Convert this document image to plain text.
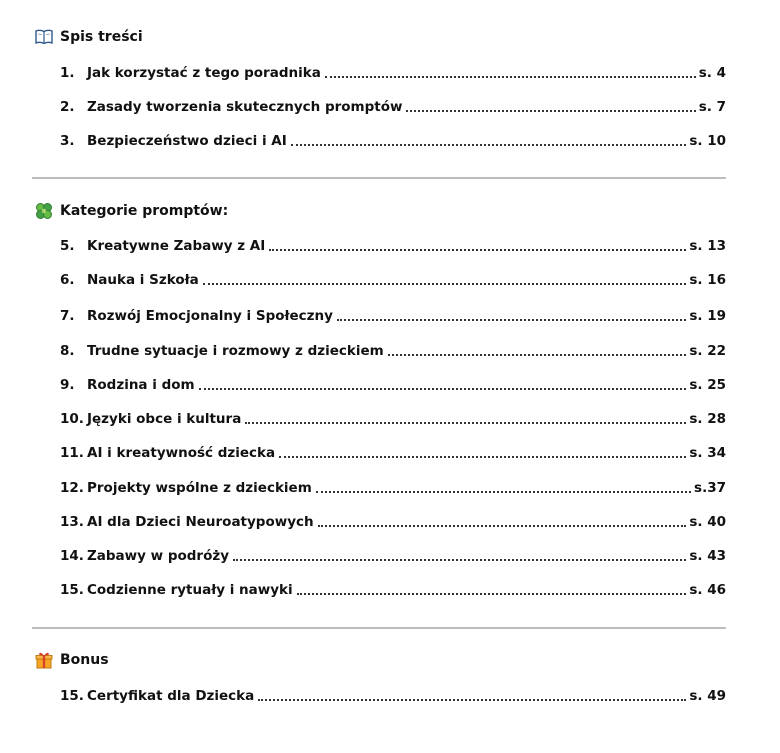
Spis treści
1. Jak korzystać z tego poradnika	s. 4
2. Zasady tworzenia skutecznych promptów	s. 7
3. Bezpieczeństwo dzieci i AI	s. 10
Kategorie promptów:
5. Kreatywne Zabawy z AI	s. 13
6. Nauka i Szkoła	s. 16
7. Rozwój Emocjonalny i Społeczny	s. 19
8. Trudne sytuacje i rozmowy z dzieckiem	s. 22
9. Rodzina i dom	s. 25
10. Języki obce i kultura	s. 28
11. AI i kreatywność dziecka	s. 34
12. Projekty wspólne z dzieckiem	s.37
13. AI dla Dzieci Neuroatypowych	s. 40
14. Zabawy w podróży	s. 43
15. Codzienne rytuały i nawyki	s. 46
Bonus
15. Certyfikat dla Dziecka	s. 49
